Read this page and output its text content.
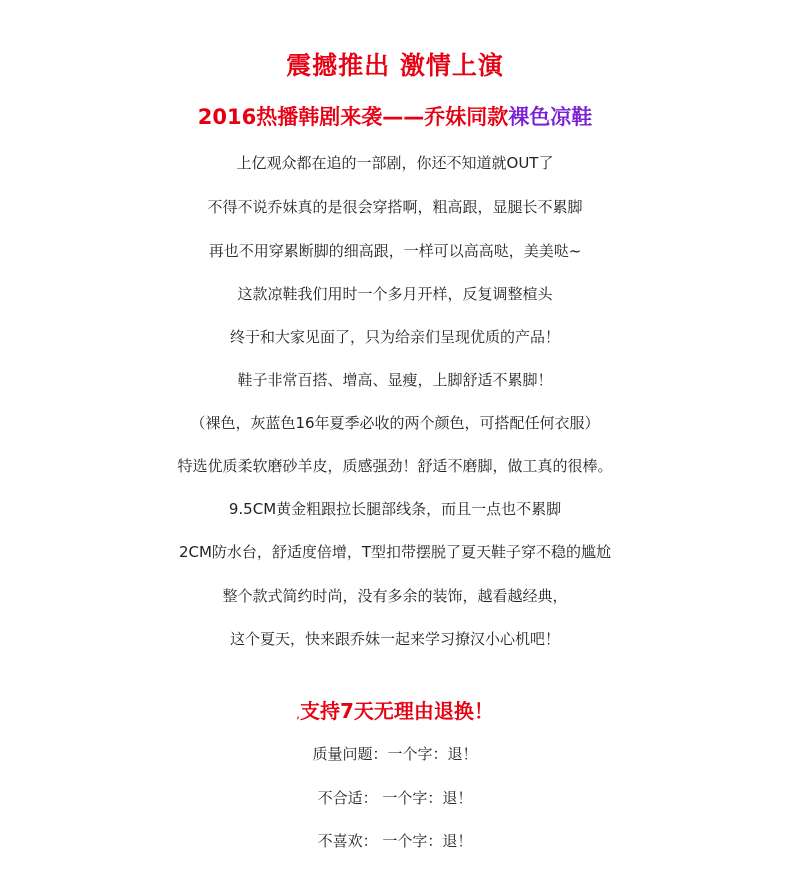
震撼推出 激情上演
2016热播韩剧来袭——乔妹同款裸色凉鞋

上亿观众都在追的一部剧，你还不知道就OUT了

不得不说乔妹真的是很会穿搭啊，粗高跟，显腿长不累脚

再也不用穿累断脚的细高跟，一样可以高高哒，美美哒~

这款凉鞋我们用时一个多月开样，反复调整楦头

终于和大家见面了，只为给亲们呈现优质的产品！

鞋子非常百搭、增高、显瘦，上脚舒适不累脚！

（裸色，灰蓝色16年夏季必收的两个颜色，可搭配任何衣服）

特选优质柔软磨砂羊皮，质感强劲！舒适不磨脚，做工真的很棒。

9.5CM黄金粗跟拉长腿部线条，而且一点也不累脚

2CM防水台，舒适度倍增，T型扣带摆脱了夏天鞋子穿不稳的尴尬

整个款式简约时尚，没有多余的装饰，越看越经典，

这个夏天，快来跟乔妹一起来学习撩汉小心机吧！

,支持7天无理由退换！

质量问题：一个字：退！

不合适： 一个字：退！

不喜欢： 一个字：退！
